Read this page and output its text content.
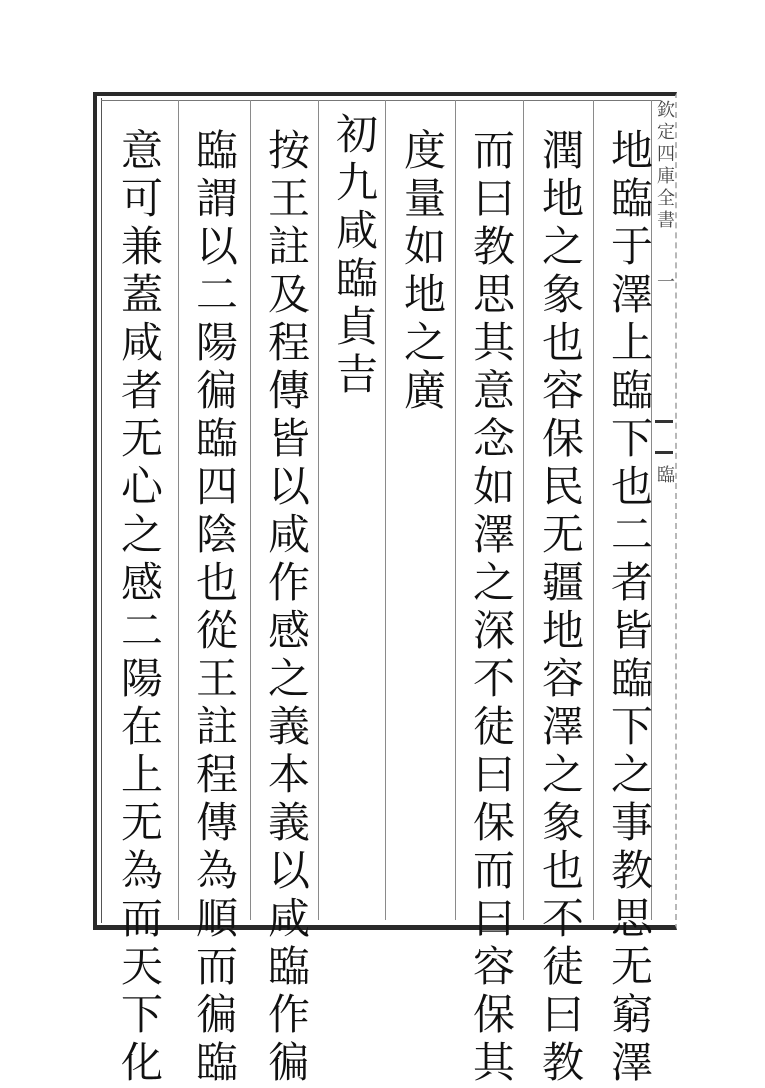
欽定四庫全書一
臨
地臨于澤上臨下也二者皆臨下之事教思无窮澤
潤地之象也容保民无疆地容澤之象也不徒曰教
而曰教思其意念如澤之深不徒曰保而曰容保其
度量如地之廣
初九咸臨貞吉
按王註及程傳皆以咸作感之義本義以咸臨作徧
臨謂以二陽徧臨四陰也從王註程傳為順而徧臨
意可兼蓋咸者无心之感二陽在上无為而天下化
